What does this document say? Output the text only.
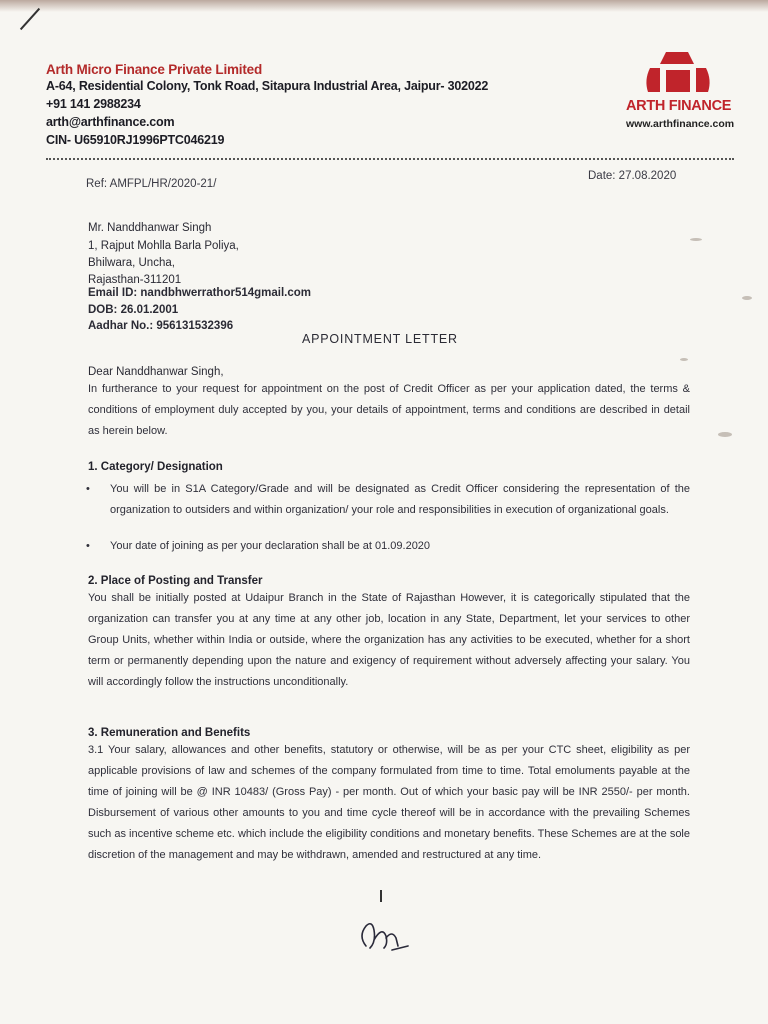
Arth Micro Finance Private Limited
A-64, Residential Colony, Tonk Road, Sitapura Industrial Area, Jaipur- 302022
+91 141 2988234
arth@arthfinance.com
CIN- U65910RJ1996PTC046219
ARTH FINANCE
www.arthfinance.com
Ref: AMFPL/HR/2020-21/
Date: 27.08.2020
Mr. Nanddhanwar Singh
1, Rajput Mohlla Barla Poliya,
Bhilwara, Uncha,
Rajasthan-311201
Email ID: nandbhwerrathor514gmail.com
DOB: 26.01.2001
Aadhar No.: 956131532396
APPOINTMENT LETTER
Dear Nanddhanwar Singh,
In furtherance to your request for appointment on the post of Credit Officer as per your application dated, the terms & conditions of employment duly accepted by you, your details of appointment, terms and conditions are described in detail as herein below.
1. Category/ Designation
•	You will be in S1A Category/Grade and will be designated as Credit Officer considering the representation of the organization to outsiders and within organization/ your role and responsibilities in execution of organizational goals.
•	Your date of joining as per your declaration shall be at 01.09.2020
2. Place of Posting and Transfer
You shall be initially posted at Udaipur Branch in the State of Rajasthan However, it is categorically stipulated that the organization can transfer you at any time at any other job, location in any State, Department, let your services to other Group Units, whether within India or outside, where the organization has any activities to be executed, whether for a short term or permanently depending upon the nature and exigency of requirement without adversely affecting your salary. You will accordingly follow the instructions unconditionally.
3. Remuneration and Benefits
3.1 Your salary, allowances and other benefits, statutory or otherwise, will be as per your CTC sheet, eligibility as per applicable provisions of law and schemes of the company formulated from time to time. Total emoluments payable at the time of joining will be @ INR 10483/ (Gross Pay) - per month. Out of which your basic pay will be INR 2550/- per month. Disbursement of various other amounts to you and time cycle thereof will be in accordance with the prevailing Schemes such as incentive scheme etc. which include the eligibility conditions and monetary benefits. These Schemes are at the sole discretion of the management and may be withdrawn, amended and restructured at any time.
